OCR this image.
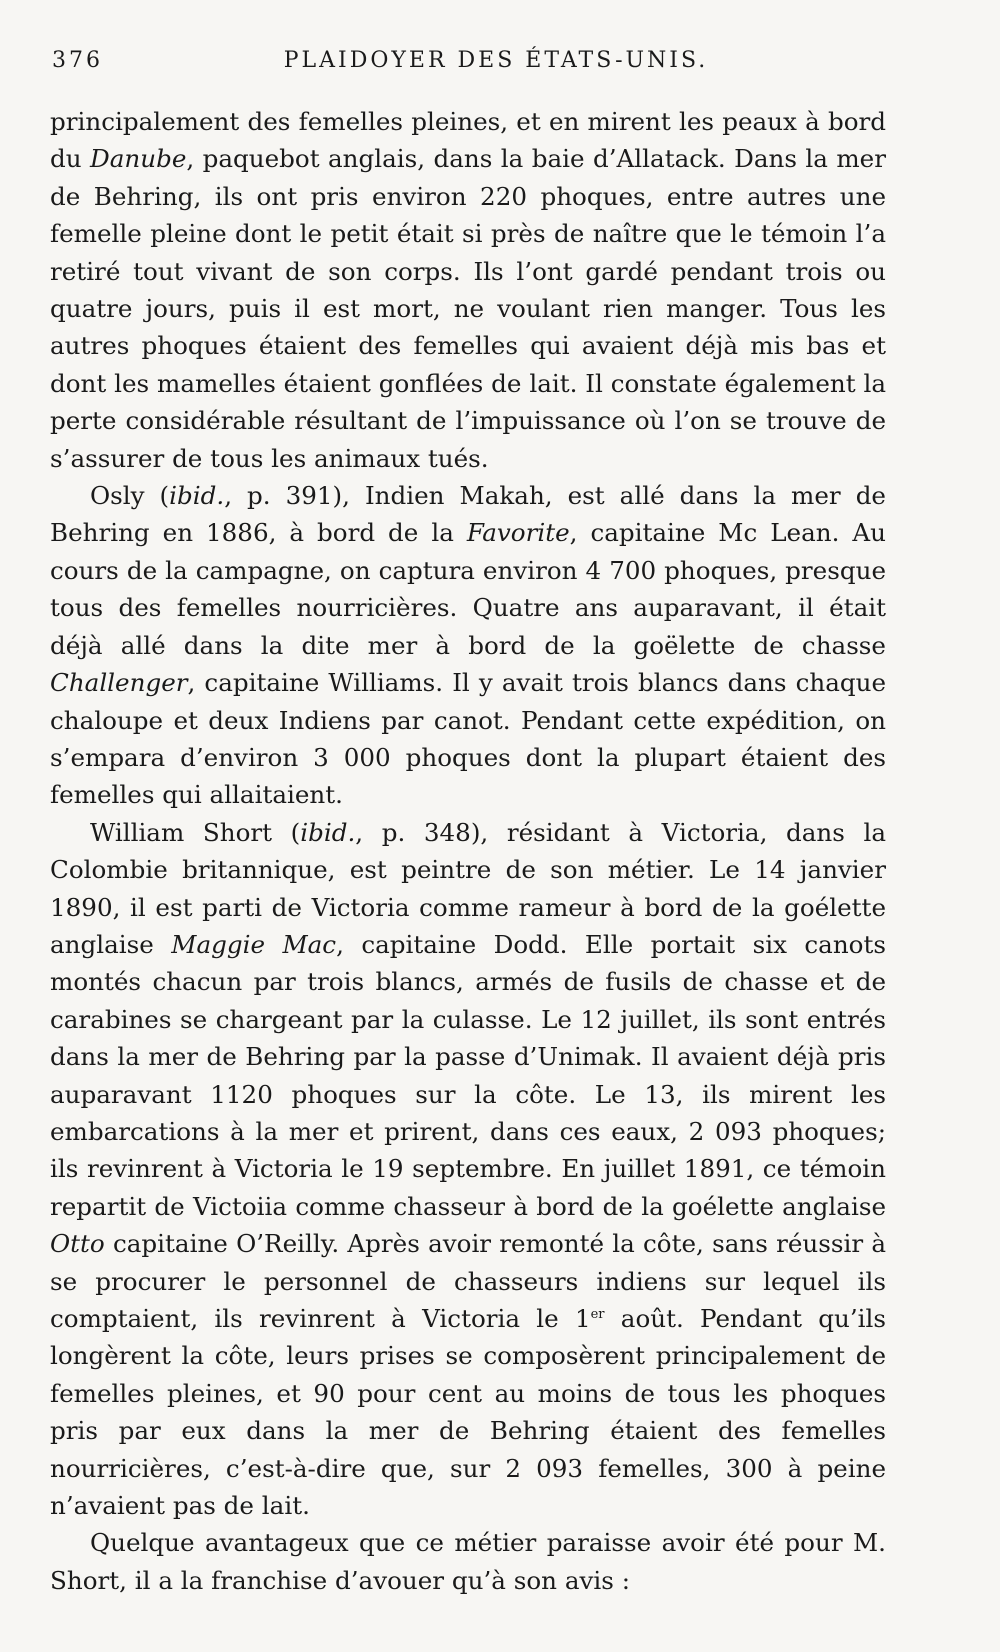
376	PLAIDOYER DES ÉTATS-UNIS.

principalement des femelles pleines, et en mirent les peaux à bord du Danube, paquebot anglais, dans la baie d’Allatack. Dans la mer de Behring, ils ont pris environ 220 phoques, entre autres une femelle pleine dont le petit était si près de naître que le témoin l’a retiré tout vivant de son corps. Ils l’ont gardé pendant trois ou quatre jours, puis il est mort, ne voulant rien manger. Tous les autres phoques étaient des femelles qui avaient déjà mis bas et dont les mamelles étaient gonflées de lait. Il constate également la perte considérable résultant de l’impuissance où l’on se trouve de s’assurer de tous les animaux tués.

Osly (ibid., p. 391), Indien Makah, est allé dans la mer de Behring en 1886, à bord de la Favorite, capitaine Mc Lean. Au cours de la campagne, on captura environ 4 700 phoques, presque tous des femelles nourricières. Quatre ans auparavant, il était déjà allé dans la dite mer à bord de la goëlette de chasse Challenger, capitaine Williams. Il y avait trois blancs dans chaque chaloupe et deux Indiens par canot. Pendant cette expédition, on s’empara d’environ 3 000 phoques dont la plupart étaient des femelles qui allaitaient.

William Short (ibid., p. 348), résidant à Victoria, dans la Colombie britannique, est peintre de son métier. Le 14 janvier 1890, il est parti de Victoria comme rameur à bord de la goélette anglaise Maggie Mac, capitaine Dodd. Elle portait six canots montés chacun par trois blancs, armés de fusils de chasse et de carabines se chargeant par la culasse. Le 12 juillet, ils sont entrés dans la mer de Behring par la passe d’Unimak. Il avaient déjà pris auparavant 1120 phoques sur la côte. Le 13, ils mirent les embarcations à la mer et prirent, dans ces eaux, 2 093 phoques; ils revinrent à Victoria le 19 septembre. En juillet 1891, ce témoin repartit de Victoiia comme chasseur à bord de la goélette anglaise Otto capitaine O’Reilly. Après avoir remonté la côte, sans réussir à se procurer le personnel de chasseurs indiens sur lequel ils comptaient, ils revinrent à Victoria le 1er août. Pendant qu’ils longèrent la côte, leurs prises se composèrent principalement de femelles pleines, et 90 pour cent au moins de tous les phoques pris par eux dans la mer de Behring étaient des femelles nourricières, c’est-à-dire que, sur 2 093 femelles, 300 à peine n’avaient pas de lait.

Quelque avantageux que ce métier paraisse avoir été pour M. Short, il a la franchise d’avouer qu’à son avis :
